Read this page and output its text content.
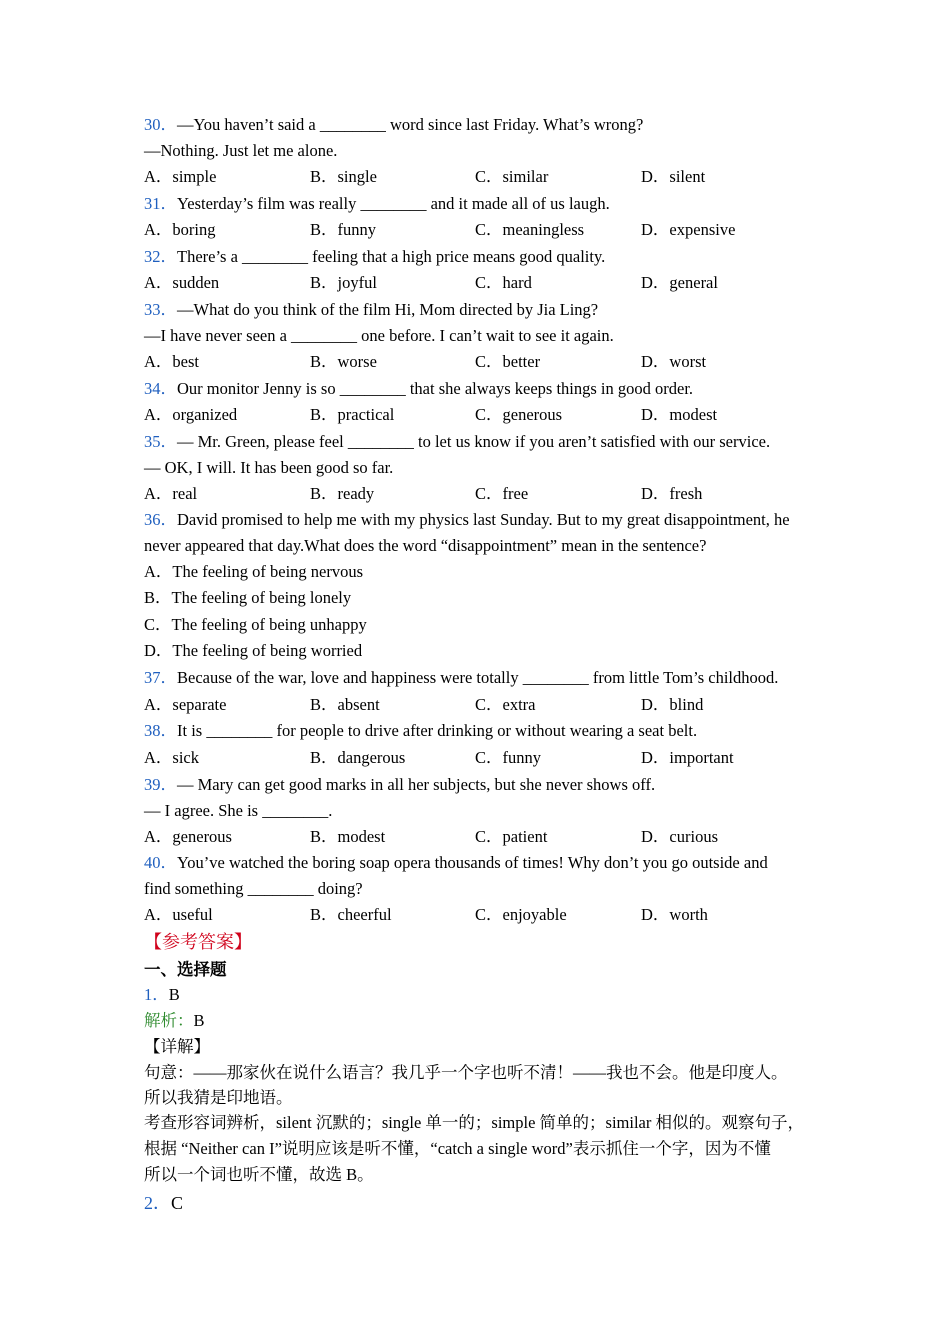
30．—You haven’t said a ________ word since last Friday. What’s wrong?
—Nothing. Just let me alone.
A．simple	B．single	C．similar	D．silent
31．Yesterday’s film was really ________ and it made all of us laugh.
A．boring	B．funny	C．meaningless	D．expensive
32．There’s a ________ feeling that a high price means good quality.
A．sudden	B．joyful	C．hard	D．general
33．—What do you think of the film Hi, Mom directed by Jia Ling?
—I have never seen a ________ one before. I can’t wait to see it again.
A．best	B．worse	C．better	D．worst
34．Our monitor Jenny is so ________ that she always keeps things in good order.
A．organized	B．practical	C．generous	D．modest
35．— Mr. Green, please feel ________ to let us know if you aren’t satisfied with our service.
— OK, I will. It has been good so far.
A．real	B．ready	C．free	D．fresh
36．David promised to help me with my physics last Sunday. But to my great disappointment, he
never appeared that day.What does the word “disappointment” mean in the sentence?
A．The feeling of being nervous
B．The feeling of being lonely
C．The feeling of being unhappy
D．The feeling of being worried
37．Because of the war, love and happiness were totally ________ from little Tom’s childhood.
A．separate	B．absent	C．extra	D．blind
38．It is ________ for people to drive after drinking or without wearing a seat belt.
A．sick	B．dangerous	C．funny	D．important
39．— Mary can get good marks in all her subjects, but she never shows off.
— I agree. She is ________.
A．generous	B．modest	C．patient	D．curious
40．You’ve watched the boring soap opera thousands of times! Why don’t you go outside and
find something ________ doing?
A．useful	B．cheerful	C．enjoyable	D．worth
【参考答案】
一、选择题
1．B
解析：B
【详解】
句意：——那家伙在说什么语言？我几乎一个字也听不清！——我也不会。他是印度人。
所以我猜是印地语。
考查形容词辨析，silent 沉默的；single 单一的；simple 简单的；similar 相似的。观察句子，
根据 “Neither can I”说明应该是听不懂，“catch a single word”表示抓住一个字，因为不懂
所以一个词也听不懂，故选 B。
2．C
